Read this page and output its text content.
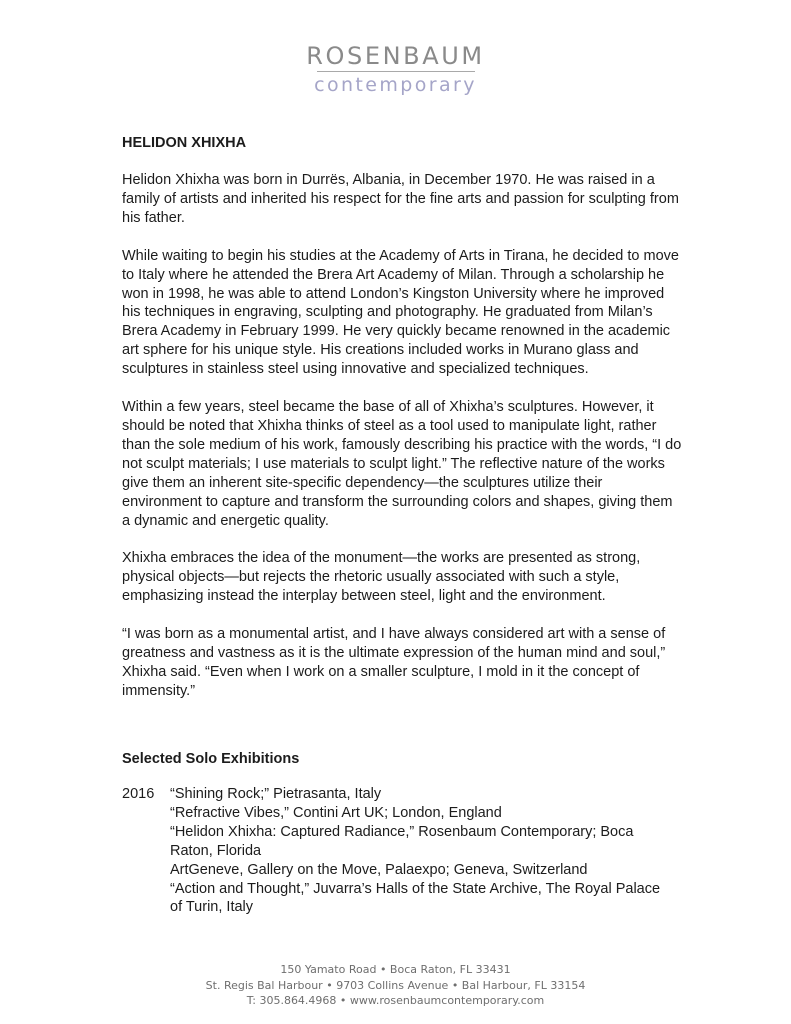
ROSENBAUM
contemporary
HELIDON XHIXHA

Helidon Xhixha was born in Durrës, Albania, in December 1970. He was raised in a family of artists and inherited his respect for the fine arts and passion for sculpting from his father.

While waiting to begin his studies at the Academy of Arts in Tirana, he decided to move to Italy where he attended the Brera Art Academy of Milan. Through a scholarship he won in 1998, he was able to attend London’s Kingston University where he improved his techniques in engraving, sculpting and photography. He graduated from Milan’s Brera Academy in February 1999. He very quickly became renowned in the academic art sphere for his unique style. His creations included works in Murano glass and sculptures in stainless steel using innovative and specialized techniques.

Within a few years, steel became the base of all of Xhixha’s sculptures. However, it should be noted that Xhixha thinks of steel as a tool used to manipulate light, rather than the sole medium of his work, famously describing his practice with the words, “I do not sculpt materials; I use materials to sculpt light.” The reflective nature of the works give them an inherent site-specific dependency—the sculptures utilize their environment to capture and transform the surrounding colors and shapes, giving them a dynamic and energetic quality.

Xhixha embraces the idea of the monument—the works are presented as strong, physical objects—but rejects the rhetoric usually associated with such a style, emphasizing instead the interplay between steel, light and the environment.

“I was born as a monumental artist, and I have always considered art with a sense of greatness and vastness as it is the ultimate expression of the human mind and soul,” Xhixha said. “Even when I work on a smaller sculpture, I mold in it the concept of immensity.”

Selected Solo Exhibitions
2016 “Shining Rock;” Pietrasanta, Italy
“Refractive Vibes,” Contini Art UK; London, England
“Helidon Xhixha: Captured Radiance,” Rosenbaum Contemporary; Boca Raton, Florida
ArtGeneve, Gallery on the Move, Palaexpo; Geneva, Switzerland
“Action and Thought,” Juvarra’s Halls of the State Archive, The Royal Palace of Turin, Italy
150 Yamato Road • Boca Raton, FL 33431
St. Regis Bal Harbour • 9703 Collins Avenue • Bal Harbour, FL 33154
T: 305.864.4968 • www.rosenbaumcontemporary.com
